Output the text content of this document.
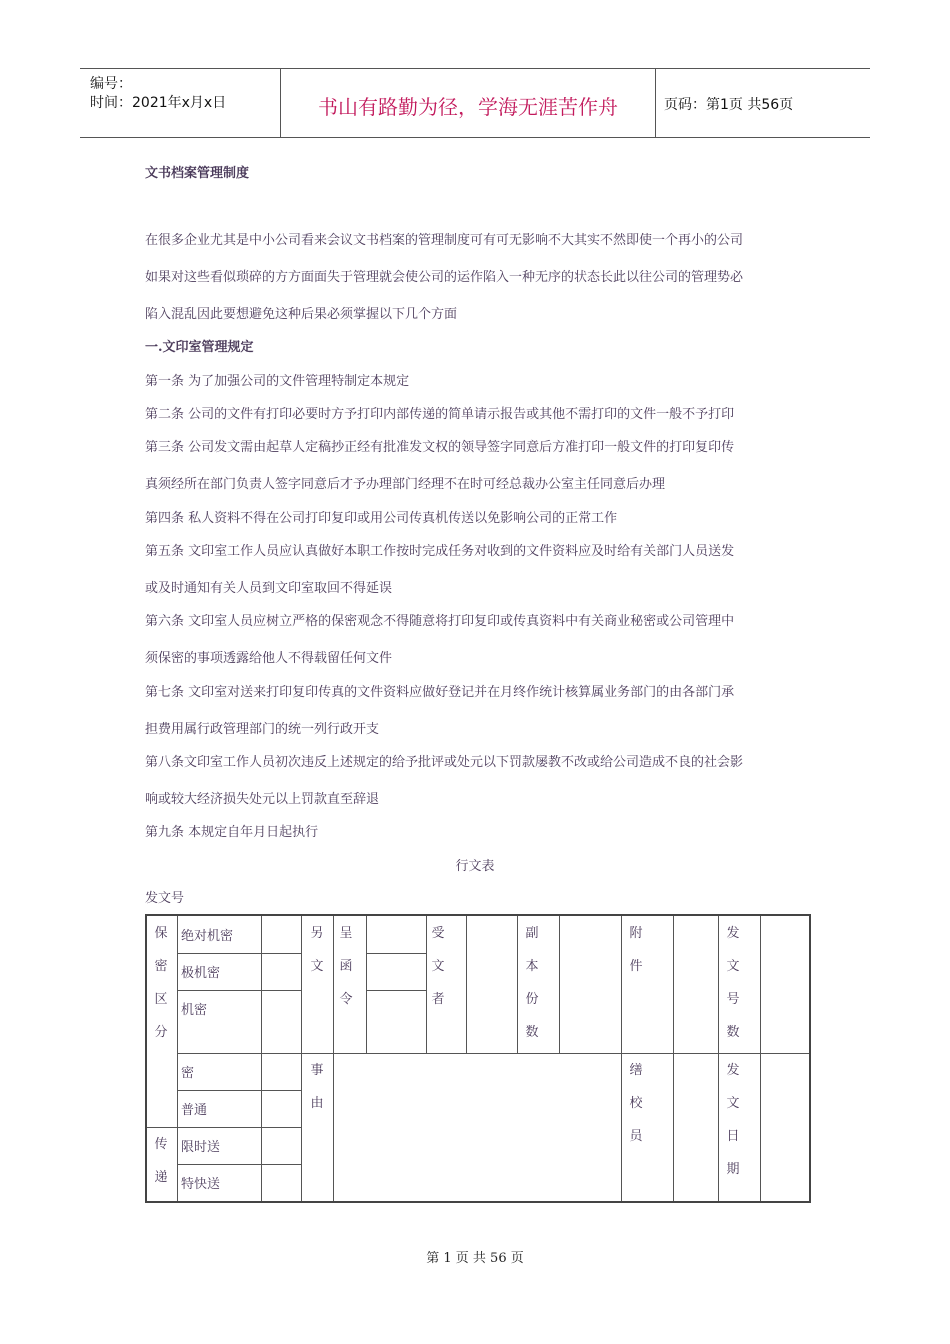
编号：
时间：2021年x月x日	书山有路勤为径，学海无涯苦作舟	页码：第1页 共56页
文书档案管理制度
在很多企业尤其是中小公司看来会议文书档案的管理制度可有可无影响不大其实不然即使一个再小的公司
如果对这些看似琐碎的方方面面失于管理就会使公司的运作陷入一种无序的状态长此以往公司的管理势必
陷入混乱因此要想避免这种后果必须掌握以下几个方面
一.文印室管理规定
第一条 为了加强公司的文件管理特制定本规定
第二条 公司的文件有打印必要时方予打印内部传递的简单请示报告或其他不需打印的文件一般不予打印
第三条 公司发文需由起草人定稿抄正经有批准发文权的领导签字同意后方准打印一般文件的打印复印传
真须经所在部门负责人签字同意后才予办理部门经理不在时可经总裁办公室主任同意后办理
第四条 私人资料不得在公司打印复印或用公司传真机传送以免影响公司的正常工作
第五条 文印室工作人员应认真做好本职工作按时完成任务对收到的文件资料应及时给有关部门人员送发
或及时通知有关人员到文印室取回不得延误
第六条 文印室人员应树立严格的保密观念不得随意将打印复印或传真资料中有关商业秘密或公司管理中
须保密的事项透露给他人不得载留任何文件
第七条 文印室对送来打印复印传真的文件资料应做好登记并在月终作统计核算属业务部门的由各部门承
担费用属行政管理部门的统一列行政开支
第八条文印室工作人员初次违反上述规定的给予批评或处元以下罚款屡教不改或给公司造成不良的社会影
响或较大经济损失处元以上罚款直至辞退
第九条 本规定自年月日起执行
行文表
发文号
保
密
区
分
传
递
另
文
呈
函
令
受
文
者
副
本
份
数
附
件
发
文
号
数
事
由
缮
校
员
发
文
日
期
绝对机密
极机密
机密
密
普通
限时送
特快送
第 1 页 共 56 页
